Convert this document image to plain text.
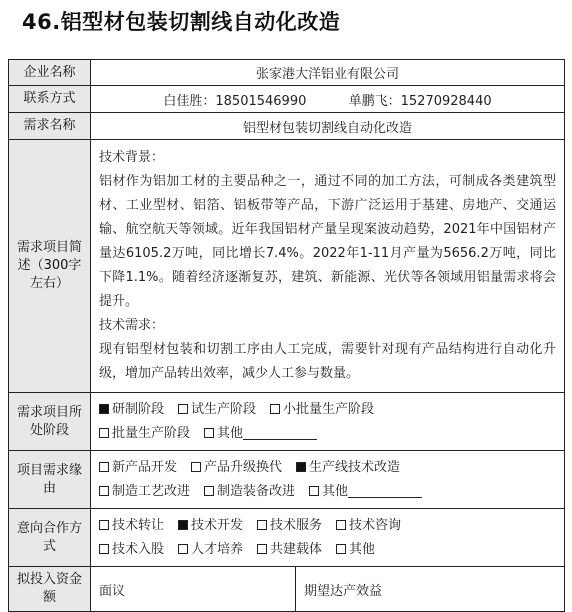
46.铝型材包装切割线自动化改造
企业名称	张家港大洋铝业有限公司	
联系方式	白佳胜：18501546990 单鹏飞：15270928440	
需求名称	铝型材包装切割线自动化改造	
需求项目简述（300字左右）	技术背景：
铝材作为铝加工材的主要品种之一，通过不同的加工方法，可制成各类建筑型材、工业型材、铝箔、铝板带等产品，下游广泛运用于基建、房地产、交通运输、航空航天等领域。近年我国铝材产量呈现案波动趋势，2021年中国铝材产量达6105.2万吨，同比增长7.4%。2022年1-11月产量为5656.2万吨，同比下降1.1%。随着经济逐渐复苏，建筑、新能源、光伏等各领域用铝量需求将会提升。
技术需求：
现有铝型材包装和切割工序由人工完成，需要针对现有产品结构进行自动化升级，增加产品转出效率，减少人工参与数量。	

需求项目所处阶段	研制阶段 试生产阶段 小批量生产阶段
批量生产阶段 其他	
项目需求缘由	新产品开发 产品升级换代 生产线技术改造
制造工艺改进 制造装备改进 其他	
意向合作方式	技术转让 技术开发 技术服务 技术咨询
技术入股 人才培养 共建载体 其他	
拟投入资金额	面议	期望达产效益
